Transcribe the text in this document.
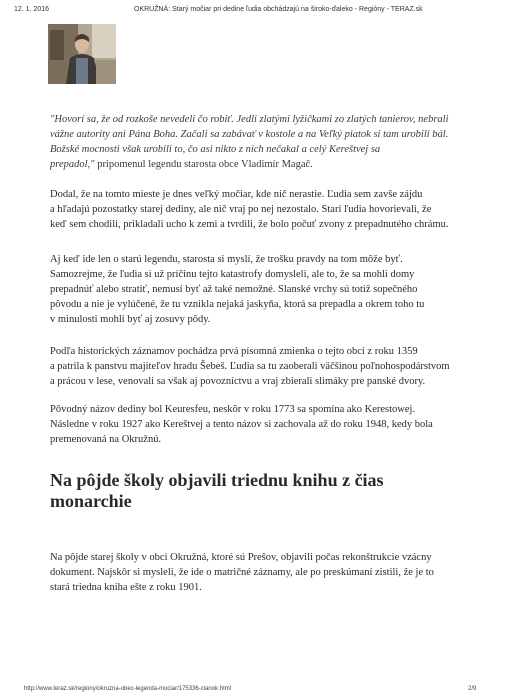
12. 1. 2016	OKRUŽNÁ: Starý močiar pri dedine ľudia obchádzajú na široko-ďaleko - Regióny - TERAZ.sk

"Hovorí sa, že od rozkoše nevedeli čo robiť. Jedli zlatými lyžičkami zo zlatých tanierov, nebrali
vážne autority ani Pána Boha. Začali sa zabávať v kostole a na Veľký piatok si tam urobili bál.
Božské mocnosti však urobili to, čo asi nikto z nich nečakal a celý Kereštvej sa
prepadol," pripomenul legendu starosta obce Vladimír Magač.

Dodal, že na tomto mieste je dnes veľký močiar, kde nič nerastie. Ľudia sem zavše zájdu
a hľadajú pozostatky starej dediny, ale nič vraj po nej nezostalo. Starí ľudia hovorievali, že
keď sem chodili, prikladali ucho k zemi a tvrdili, že bolo počuť zvony z prepadnutého chrámu.

Aj keď ide len o starú legendu, starosta si myslí, že trošku pravdy na tom môže byť.
Samozrejme, že ľudia si už príčinu tejto katastrofy domysleli, ale to, že sa mohli domy
prepadnúť alebo stratiť, nemusí byť až také nemožné. Slanské vrchy sú totiž sopečného
pôvodu a nie je vylúčené, že tu vznikla nejaká jaskyňa, ktorá sa prepadla a okrem toho tu
v minulosti mohli byť aj zosuvy pôdy.

Podľa historických záznamov pochádza prvá písomná zmienka o tejto obci z roku 1359
a patrila k panstvu majiteľov hradu Šebeš. Ľudia sa tu zaoberali väčšinou poľnohospodárstvom
a prácou v lese, venovali sa však aj povozníctvu a vraj zbierali slimáky pre panské dvory.

Pôvodný názov dediny bol Keuresfeu, neskôr v roku 1773 sa spomína ako Kerestowej.
Následne v roku 1927 ako Kereštvej a tento názov si zachovala až do roku 1948, kedy bola
premenovaná na Okružnú.

Na pôjde školy objavili triednu knihu z čias
monarchie

Na pôjde starej školy v obci Okružná, ktoré sú Prešov, objavili počas rekonštrukcie vzácny
dokument. Najskôr si mysleli, že ide o matričné záznamy, ale po preskúmaní zistili, že je to
stará triedna kniha ešte z roku 1901.

http://www.teraz.sk/regiony/okruzna-obec-legenda-mociar/175336-clanok.html	2/9
